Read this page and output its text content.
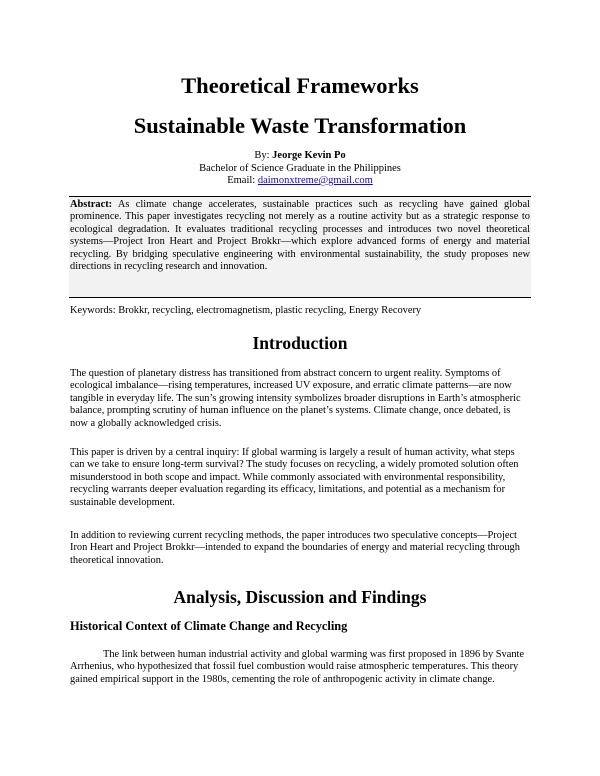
Theoretical Frameworks
Sustainable Waste Transformation
By: Jeorge Kevin Po
Bachelor of Science Graduate in the Philippines
Email: daimonxtreme@gmail.com
Abstract: As climate change accelerates, sustainable practices such as recycling have gained global prominence. This paper investigates recycling not merely as a routine activity but as a strategic response to ecological degradation. It evaluates traditional recycling processes and introduces two novel theoretical systems—Project Iron Heart and Project Brokkr—which explore advanced forms of energy and material recycling. By bridging speculative engineering with environmental sustainability, the study proposes new directions in recycling research and innovation.
Keywords: Brokkr, recycling, electromagnetism, plastic recycling, Energy Recovery
Introduction
The question of planetary distress has transitioned from abstract concern to urgent reality. Symptoms of ecological imbalance—rising temperatures, increased UV exposure, and erratic climate patterns—are now tangible in everyday life. The sun’s growing intensity symbolizes broader disruptions in Earth’s atmospheric balance, prompting scrutiny of human influence on the planet’s systems. Climate change, once debated, is now a globally acknowledged crisis.
This paper is driven by a central inquiry: If global warming is largely a result of human activity, what steps can we take to ensure long-term survival? The study focuses on recycling, a widely promoted solution often misunderstood in both scope and impact. While commonly associated with environmental responsibility, recycling warrants deeper evaluation regarding its efficacy, limitations, and potential as a mechanism for sustainable development.
In addition to reviewing current recycling methods, the paper introduces two speculative concepts—Project Iron Heart and Project Brokkr—intended to expand the boundaries of energy and material recycling through theoretical innovation.
Analysis, Discussion and Findings
Historical Context of Climate Change and Recycling
The link between human industrial activity and global warming was first proposed in 1896 by Svante Arrhenius, who hypothesized that fossil fuel combustion would raise atmospheric temperatures. This theory gained empirical support in the 1980s, cementing the role of anthropogenic activity in climate change.
